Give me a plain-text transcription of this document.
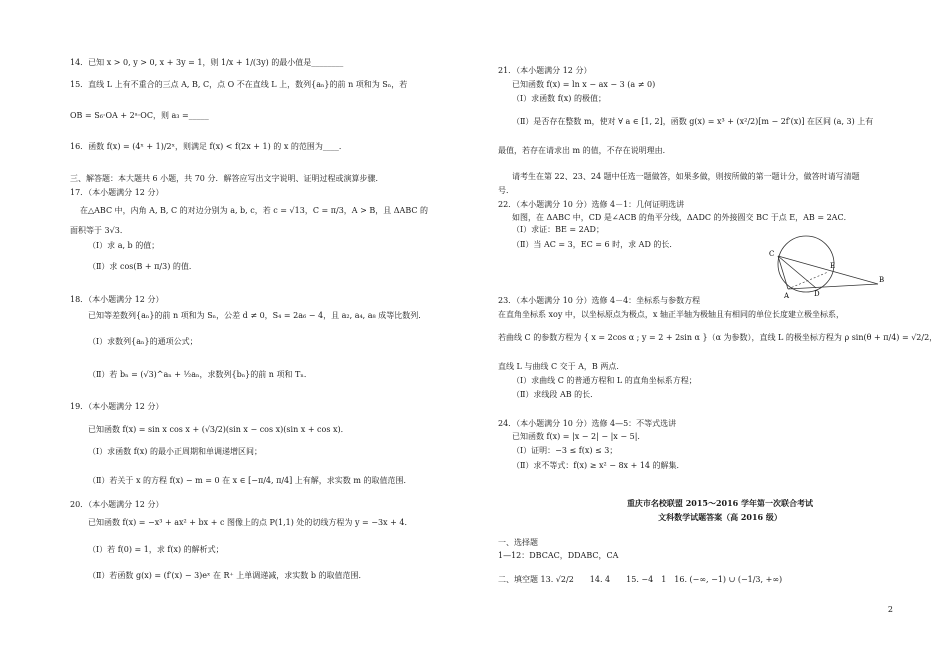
14．已知 x > 0, y > 0, x + 3y = 1，则 1/x + 1/(3y) 的最小值是________
15．直线 L 上有不重合的三点 A, B, C，点 O 不在直线 L 上，数列{aₙ}的前 n 项和为 Sₙ，若
OB = S₆·OA + 2ᵃ·OC，则 a₃ =_____
16．函数 f(x) = (4ˣ + 1)/2ˣ，则满足 f(x) < f(2x + 1) 的 x 的范围为____．
三、解答题：本大题共 6 小题，共 70 分．解答应写出文字说明、证明过程或演算步骤．
17．（本小题满分 12 分）
在△ABC 中，内角 A, B, C 的对边分别为 a, b, c，若 c = √13，C = π/3，A > B，且 ΔABC 的
面积等于 3√3．
（Ⅰ）求 a, b 的值；
（Ⅱ）求 cos(B + π/3) 的值．
18．（本小题满分 12 分）
已知等差数列{aₙ}的前 n 项和为 Sₙ，公差 d ≠ 0，S₄ = 2a₆ − 4，且 a₂, a₄, a₈ 成等比数列．
（Ⅰ）求数列{aₙ}的通项公式；
（Ⅱ）若 bₙ = (√3)^aₙ + ½aₙ，求数列{bₙ}的前 n 项和 Tₙ．
19．（本小题满分 12 分）
已知函数 f(x) = sin x cos x + (√3/2)(sin x − cos x)(sin x + cos x)．
（Ⅰ）求函数 f(x) 的最小正周期和单调递增区间；
（Ⅱ）若关于 x 的方程 f(x) − m = 0 在 x ∈ [−π/4, π/4] 上有解，求实数 m 的取值范围．
20．（本小题满分 12 分）
已知函数 f(x) = −x³ + ax² + bx + c 图像上的点 P(1,1) 处的切线方程为 y = −3x + 4．
（Ⅰ）若 f(0) = 1，求 f(x) 的解析式；
（Ⅱ）若函数 g(x) = (f′(x) − 3)eˣ 在 R⁺ 上单调递减，求实数 b 的取值范围．
21．（本小题满分 12 分）
已知函数 f(x) = ln x − ax − 3 (a ≠ 0)
（Ⅰ）求函数 f(x) 的极值；
（Ⅱ）是否存在整数 m，使对 ∀ a ∈ [1, 2]，函数 g(x) = x³ + (x²/2)[m − 2f′(x)] 在区间 (a, 3) 上有
最值，若存在请求出 m 的值，不存在说明理由．
请考生在第 22、23、24 题中任选一题做答，如果多做，则按所做的第一题计分，做答时请写清题
号．
22．（本小题满分 10 分）选修 4－1：几何证明选讲
如图，在 ΔABC 中，CD 是∠ACB 的角平分线，ΔADC 的外接圆交 BC 于点 E，AB = 2AC．
（Ⅰ）求证：BE = 2AD；
（Ⅱ）当 AC = 3，EC = 6 时，求 AD 的长．
C
E
B
A	D
23．（本小题满分 10 分）选修 4－4：坐标系与参数方程
在直角坐标系 xoy 中，以坐标原点为极点，x 轴正半轴为极轴且有相同的单位长度建立极坐标系，
若曲线 C 的参数方程为 { x = 2cos α ; y = 2 + 2sin α }（α 为参数），直线 L 的极坐标方程为 ρ sin(θ + π/4) = √2/2，
直线 L 与曲线 C 交于 A，B 两点．
（Ⅰ）求曲线 C 的普通方程和 L 的直角坐标系方程；
（Ⅱ）求线段 AB 的长．
24．（本小题满分 10 分）选修 4—5：不等式选讲
已知函数 f(x) = |x − 2| − |x − 5|．
（Ⅰ）证明：−3 ≤ f(x) ≤ 3；
（Ⅱ）求不等式：f(x) ≥ x² − 8x + 14 的解集．
重庆市名校联盟 2015～2016 学年第一次联合考试
文科数学试题答案（高 2016 级）
一、选择题
1—12：DBCAC，DDABC，CA
二、填空题 13. √2/2　　14. 4　　15. −4　1　16. (−∞, −1) ∪ (−1/3, +∞)
2
